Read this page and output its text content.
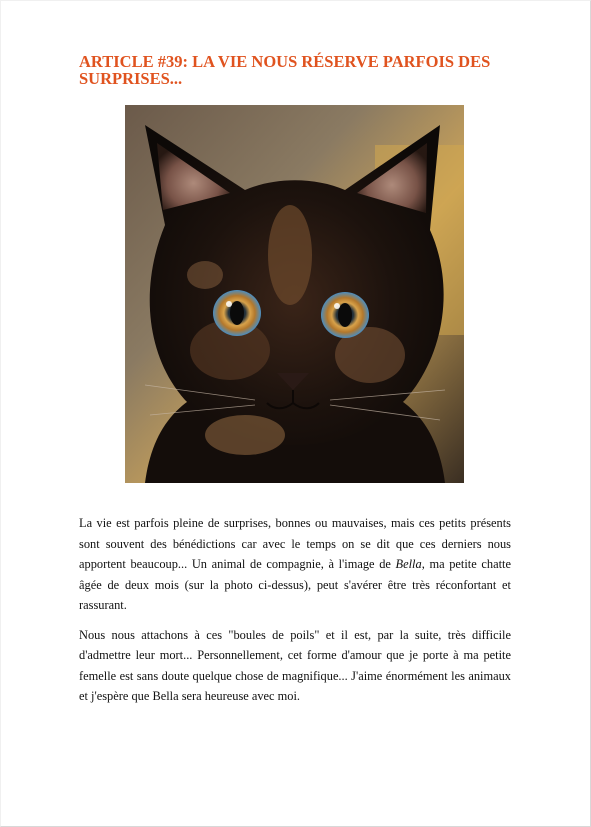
ARTICLE #39: LA VIE NOUS RÉSERVE PARFOIS DES SURPRISES...

La vie est parfois pleine de surprises, bonnes ou mauvaises, mais ces petits présents sont souvent des bénédictions car avec le temps on se dit que ces derniers nous apportent beaucoup... Un animal de compagnie, à l'image de Bella, ma petite chatte âgée de deux mois (sur la photo ci-dessus), peut s'avérer être très réconfortant et rassurant.

Nous nous attachons à ces "boules de poils" et il est, par la suite, très difficile d'admettre leur mort... Personnellement, cet forme d'amour que je porte à ma petite femelle est sans doute quelque chose de magnifique... J'aime énormément les animaux et j'espère que Bella sera heureuse avec moi.
